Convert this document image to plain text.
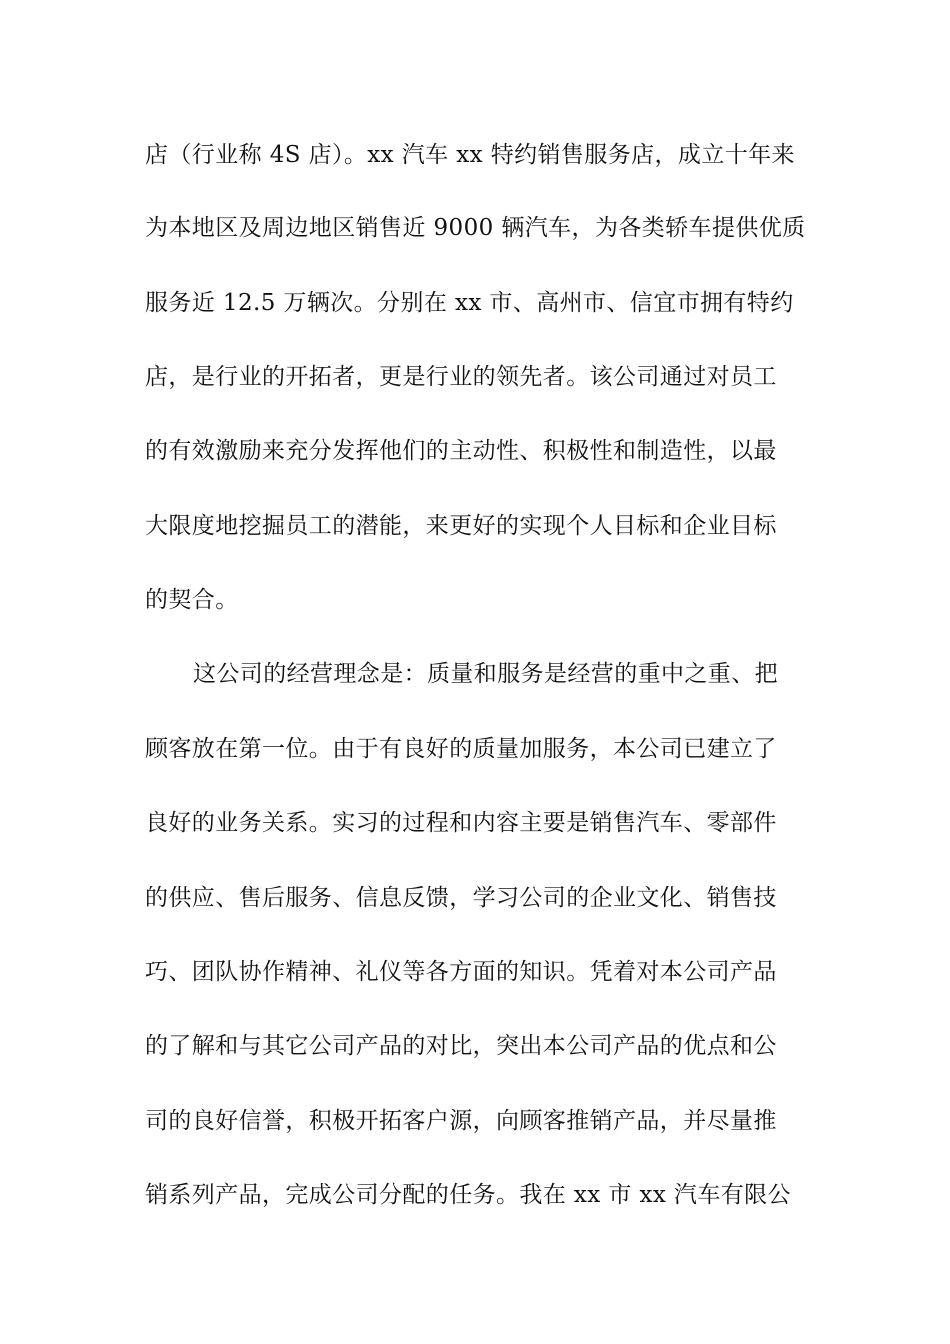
店（行业称 4S 店）。xx 汽车 xx 特约销售服务店，成立十年来
为本地区及周边地区销售近 9000 辆汽车，为各类轿车提供优质
服务近 12.5 万辆次。分别在 xx 市、高州市、信宜市拥有特约
店，是行业的开拓者，更是行业的领先者。该公司通过对员工
的有效激励来充分发挥他们的主动性、积极性和制造性，以最
大限度地挖掘员工的潜能，来更好的实现个人目标和企业目标
的契合。
这公司的经营理念是：质量和服务是经营的重中之重、把
顾客放在第一位。由于有良好的质量加服务，本公司已建立了
良好的业务关系。实习的过程和内容主要是销售汽车、零部件
的供应、售后服务、信息反馈，学习公司的企业文化、销售技
巧、团队协作精神、礼仪等各方面的知识。凭着对本公司产品
的了解和与其它公司产品的对比，突出本公司产品的优点和公
司的良好信誉，积极开拓客户源，向顾客推销产品，并尽量推
销系列产品，完成公司分配的任务。我在 xx 市 xx 汽车有限公
